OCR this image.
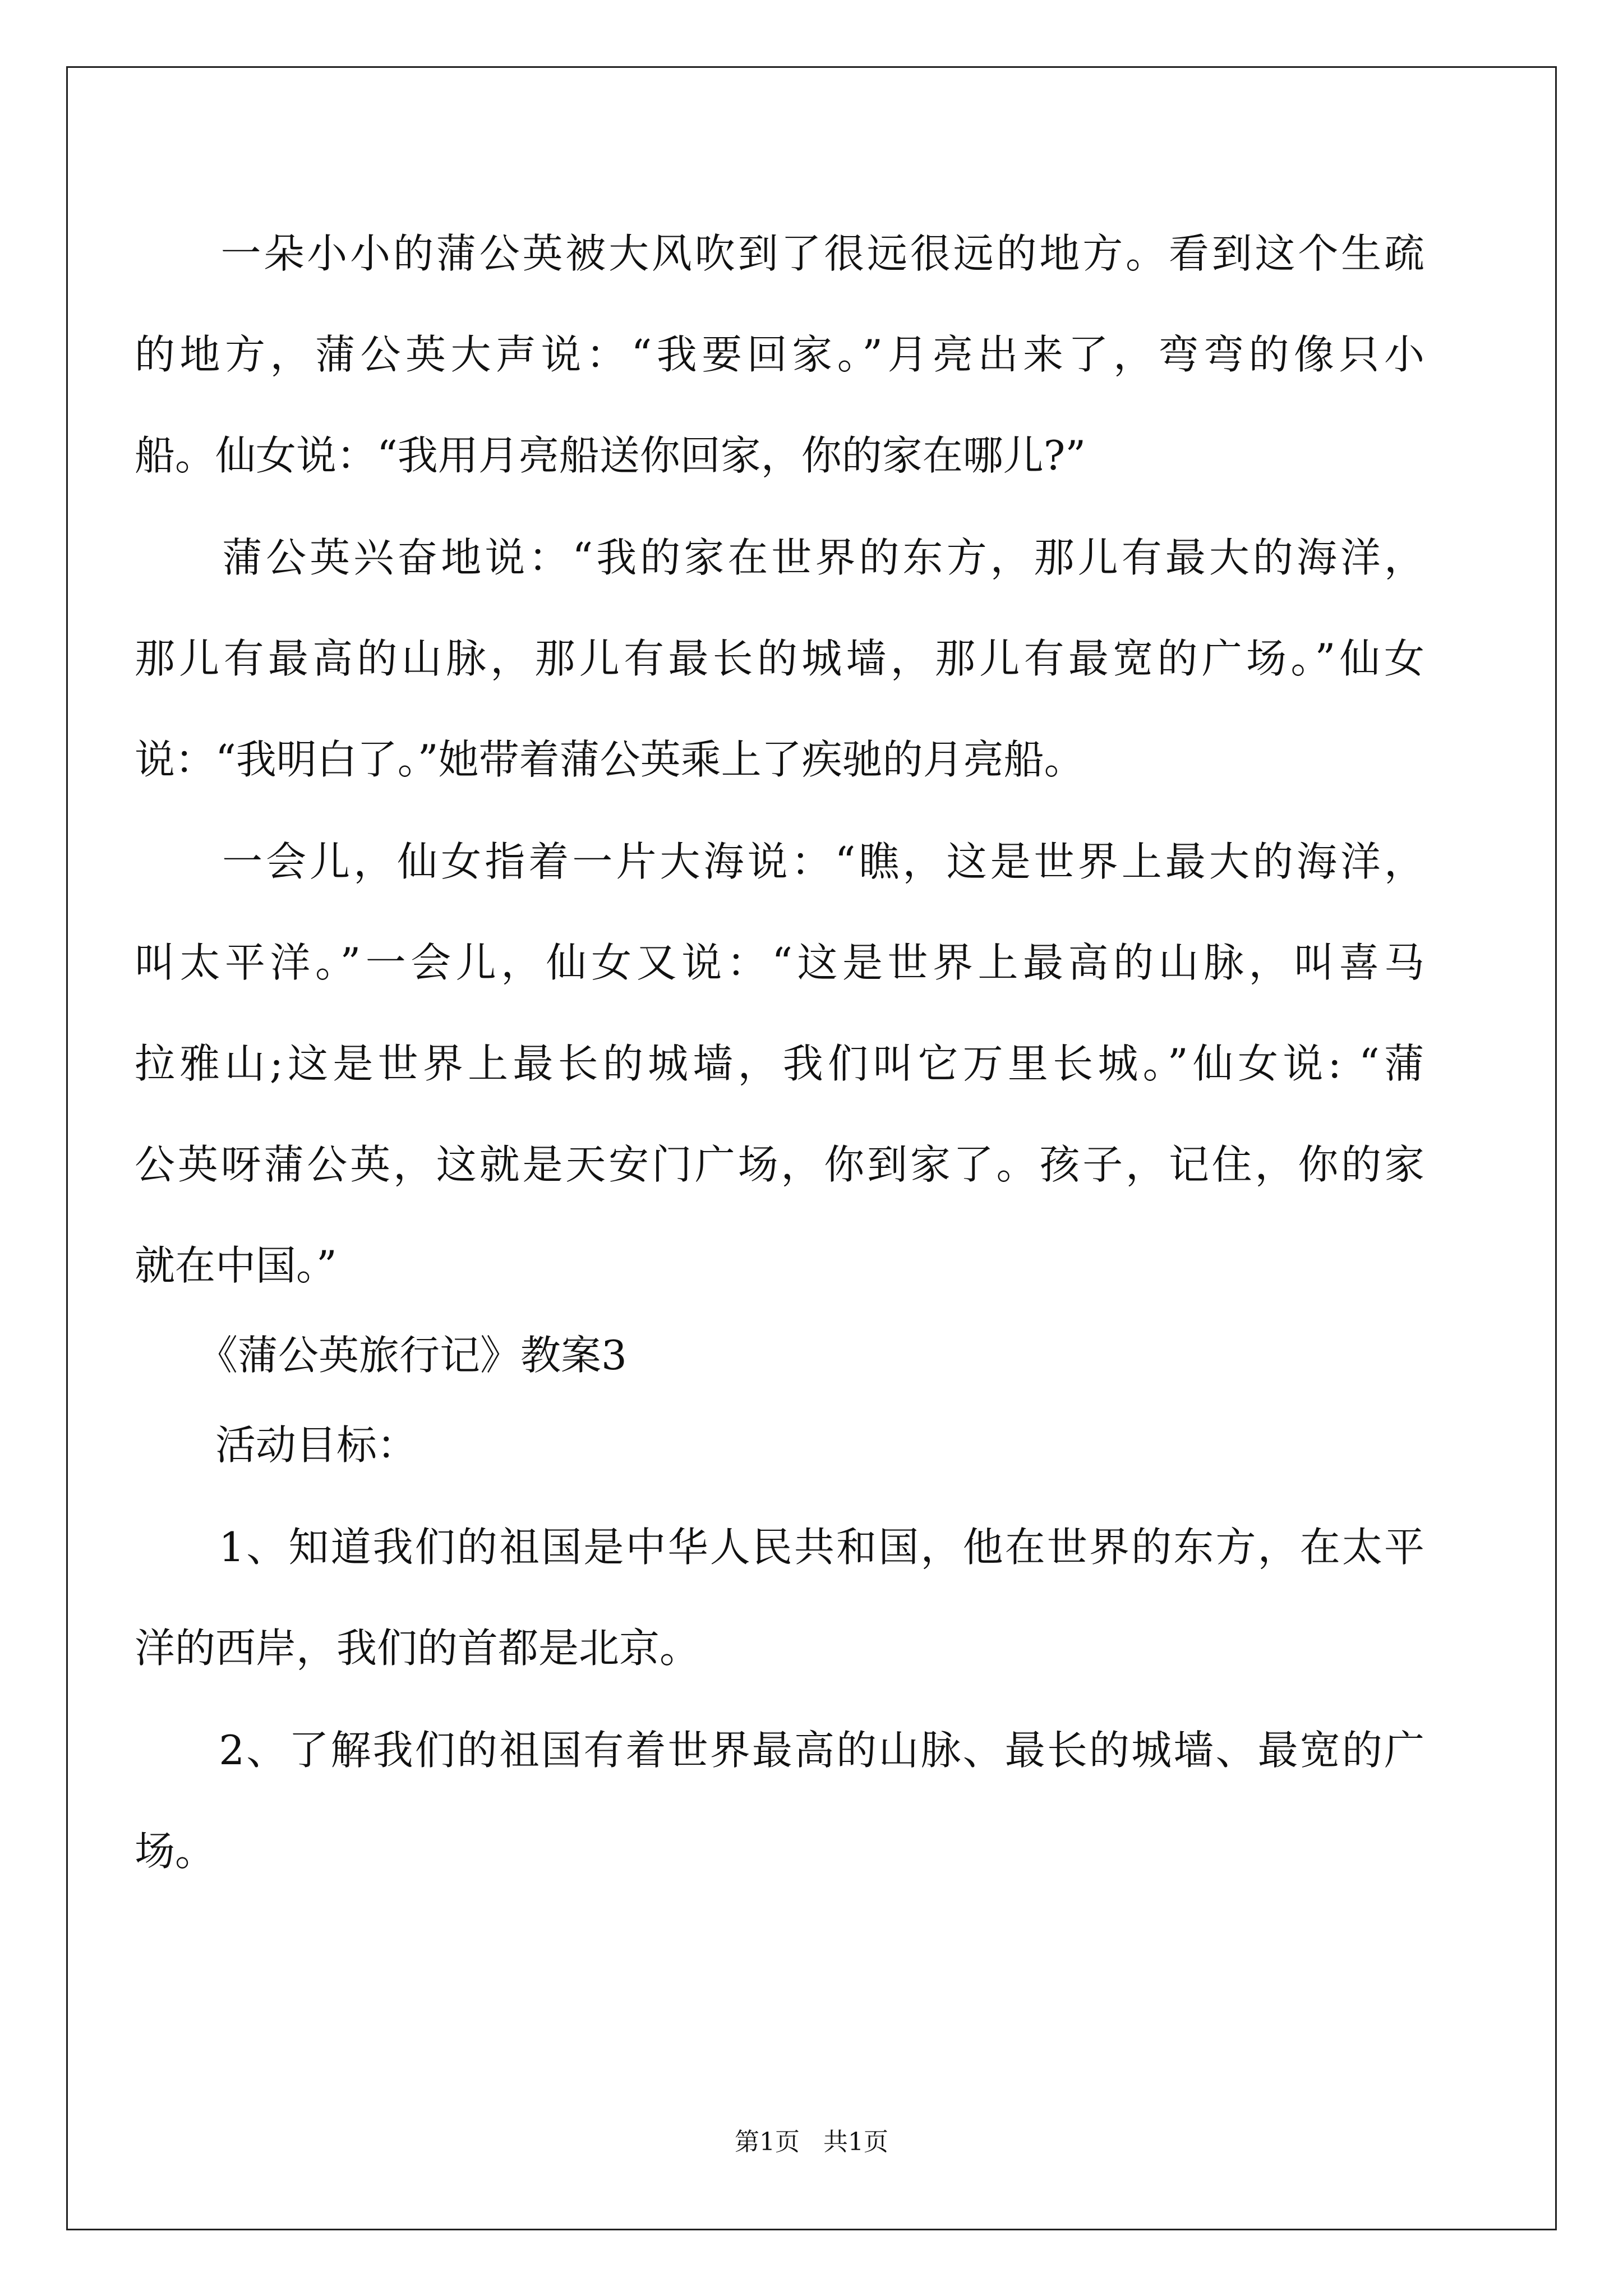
　　一朵小小的蒲公英被大风吹到了很远很远的地方。看到这个生疏
的地方，蒲公英大声说：“我要回家。”月亮出来了，弯弯的像只小
船。仙女说：“我用月亮船送你回家，你的家在哪儿?”
　　蒲公英兴奋地说：“我的家在世界的东方，那儿有最大的海洋，
那儿有最高的山脉，那儿有最长的城墙，那儿有最宽的广场。”仙女
说：“我明白了。”她带着蒲公英乘上了疾驰的月亮船。
　　一会儿，仙女指着一片大海说：“瞧，这是世界上最大的海洋，
叫太平洋。”一会儿，仙女又说：“这是世界上最高的山脉，叫喜马
拉雅山;这是世界上最长的城墙，我们叫它万里长城。”仙女说: “蒲
公英呀蒲公英，这就是天安门广场，你到家了。孩子，记住，你的家
就在中国。”
《蒲公英旅行记》教案3
　　活动目标：
　　1、知道我们的祖国是中华人民共和国，他在世界的东方，在太平
洋的西岸，我们的首都是北京。
　　2、了解我们的祖国有着世界最高的山脉、最长的城墙、最宽的广
场。
第1页 共1页
